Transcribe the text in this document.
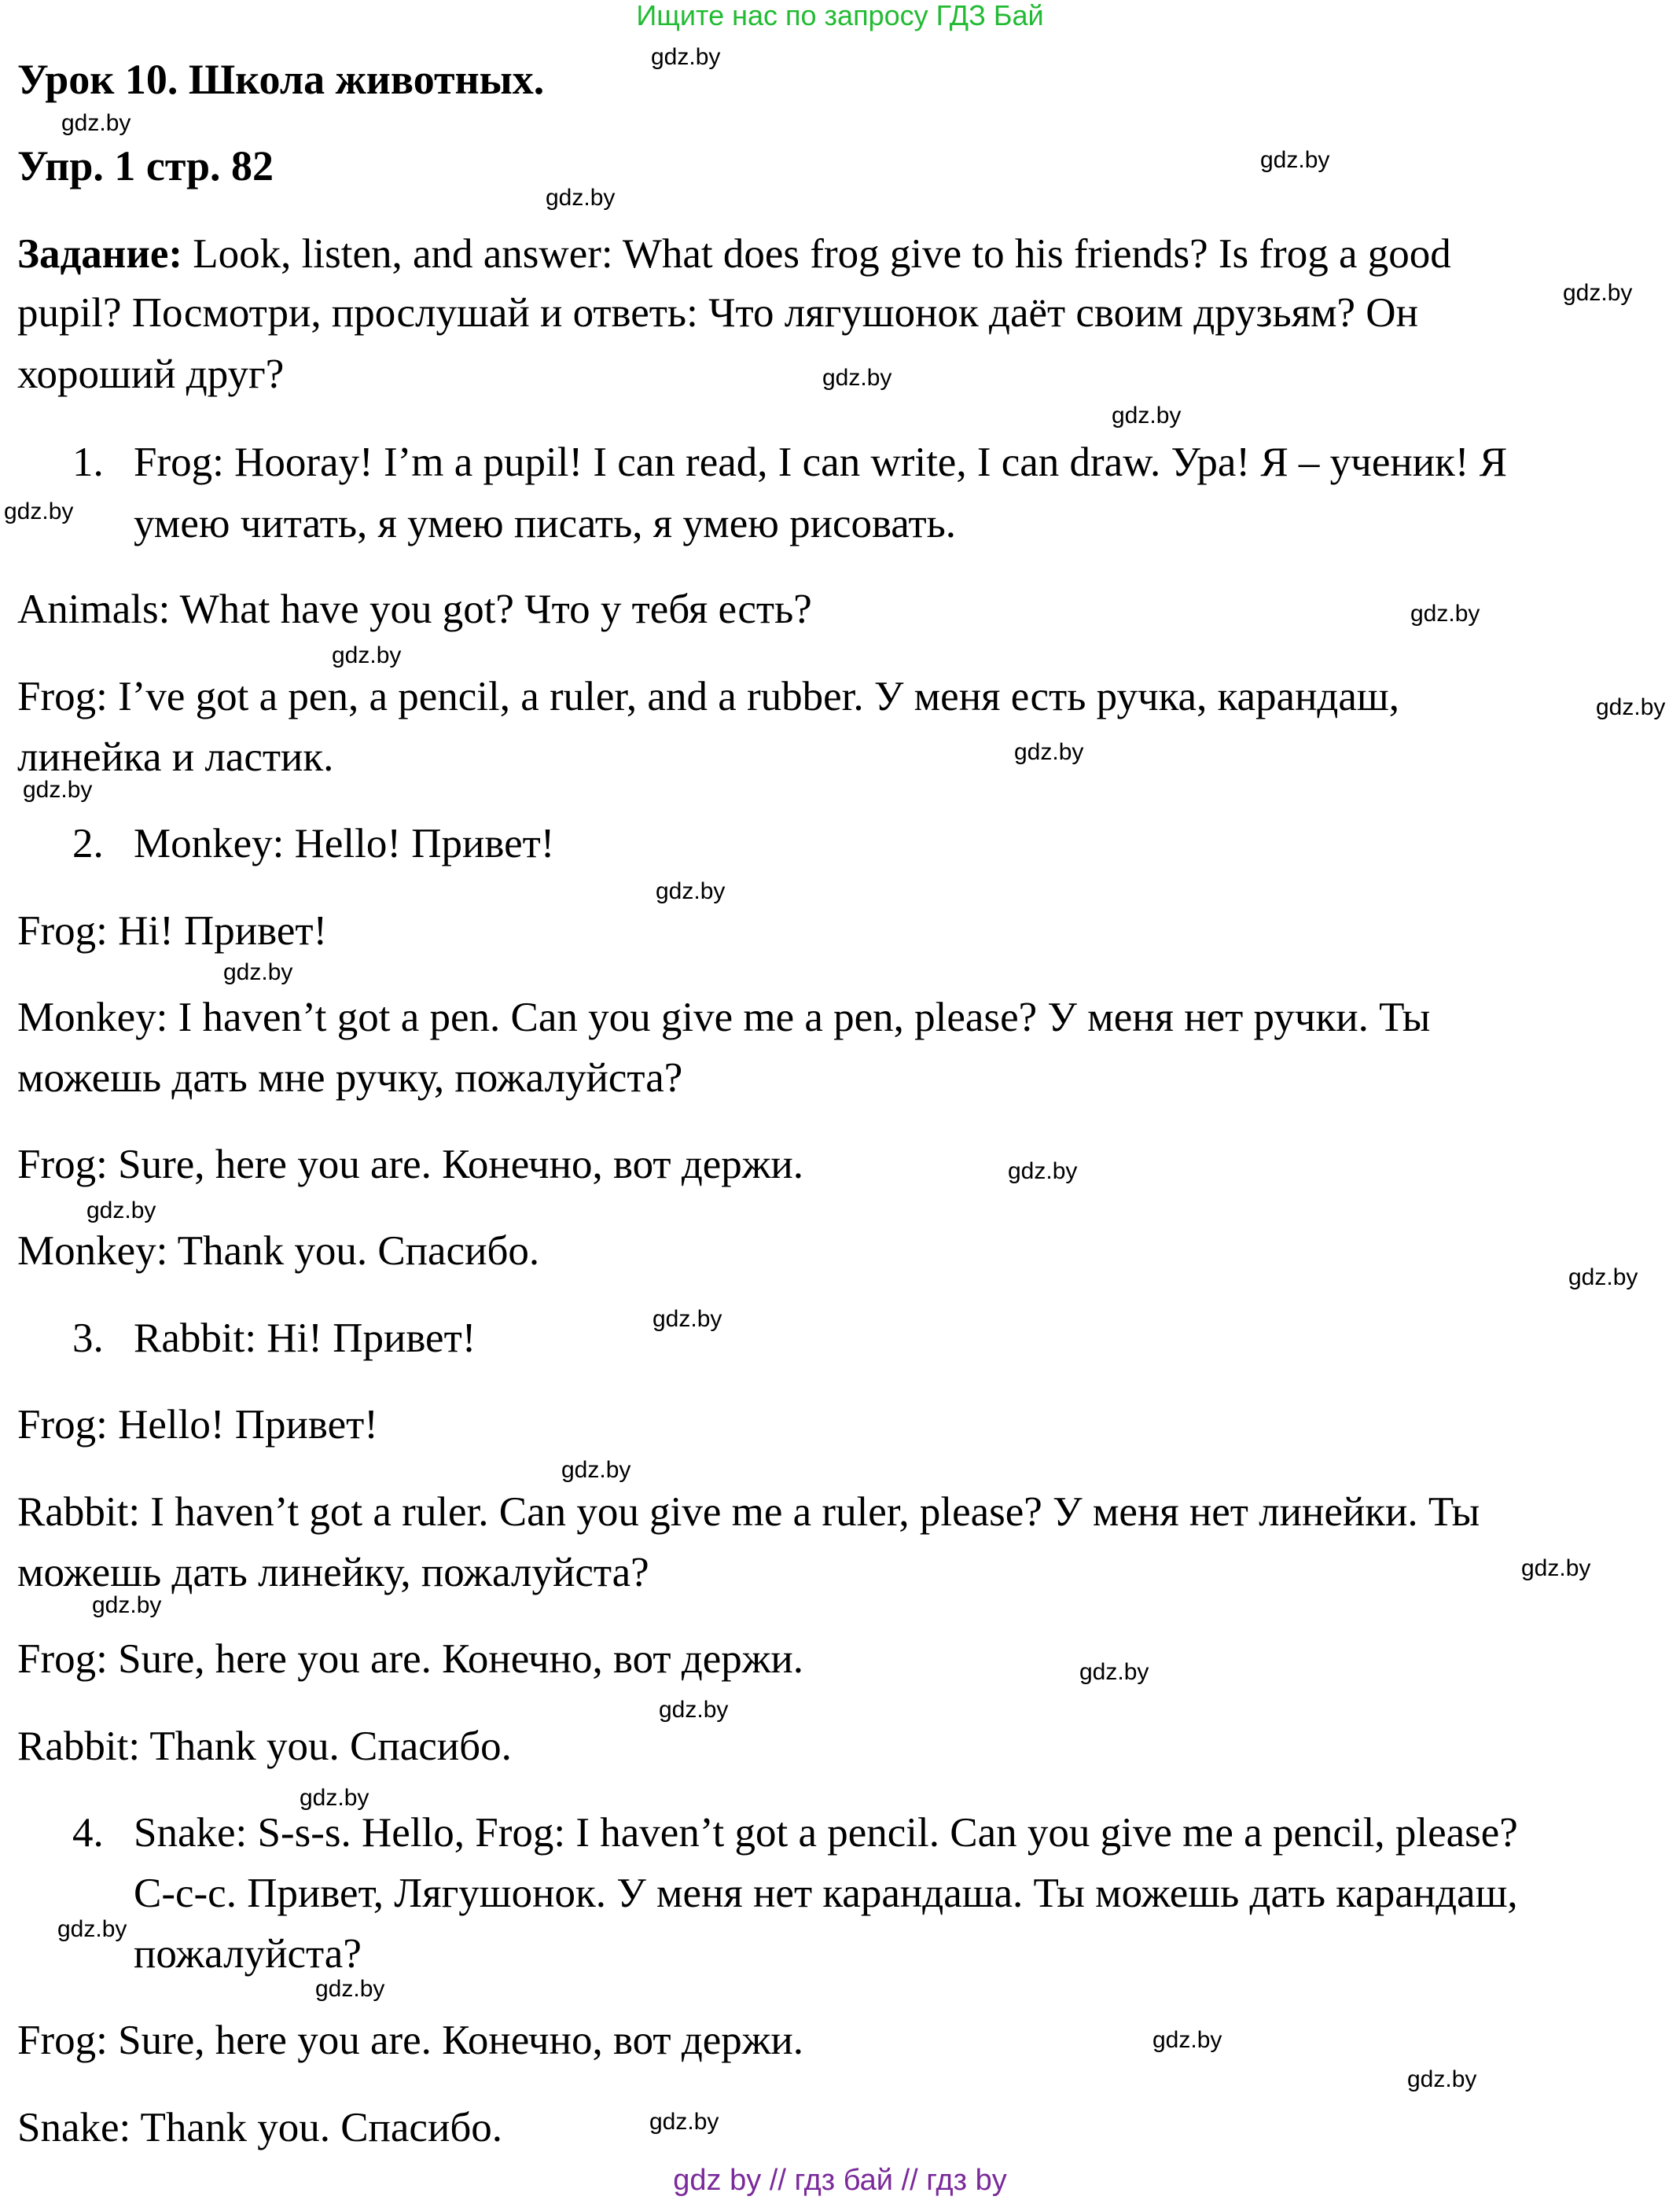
Ищите нас по запросу ГДЗ Бай
Урок 10. Школа животных.
Упр. 1 стр. 82
Задание: Look, listen, and answer: What does frog give to his friends? Is frog a good
pupil? Посмотри, прослушай и ответь: Что лягушонок даёт своим друзьям? Он
хороший друг?
1. Frog: Hooray! I’m a pupil! I can read, I can write, I can draw. Ура! Я – ученик! Я
умею читать, я умею писать, я умею рисовать.
Animals: What have you got? Что у тебя есть?
Frog: I’ve got a pen, a pencil, a ruler, and a rubber. У меня есть ручка, карандаш,
линейка и ластик.
2. Monkey: Hello! Привет!
Frog: Hi! Привет!
Monkey: I haven’t got a pen. Can you give me a pen, please? У меня нет ручки. Ты
можешь дать мне ручку, пожалуйста?
Frog: Sure, here you are. Конечно, вот держи.
Monkey: Thank you. Спасибо.
3. Rabbit: Hi! Привет!
Frog: Hello! Привет!
Rabbit: I haven’t got a ruler. Can you give me a ruler, please? У меня нет линейки. Ты
можешь дать линейку, пожалуйста?
Frog: Sure, here you are. Конечно, вот держи.
Rabbit: Thank you. Спасибо.
4. Snake: S-s-s. Hello, Frog: I haven’t got a pencil. Can you give me a pencil, please?
С-с-с. Привет, Лягушонок. У меня нет карандаша. Ты можешь дать карандаш,
пожалуйста?
Frog: Sure, here you are. Конечно, вот держи.
Snake: Thank you. Спасибо.
gdz.by
gdz.by
gdz.by
gdz.by
gdz.by
gdz.by
gdz.by
gdz.by
gdz.by
gdz.by
gdz.by
gdz.by
gdz.by
gdz.by
gdz.by
gdz.by
gdz.by
gdz.by
gdz.by
gdz.by
gdz.by
gdz.by
gdz.by
gdz.by
gdz.by
gdz.by
gdz.by
gdz.by
gdz.by
gdz.by
gdz by // гдз бай // гдз by
